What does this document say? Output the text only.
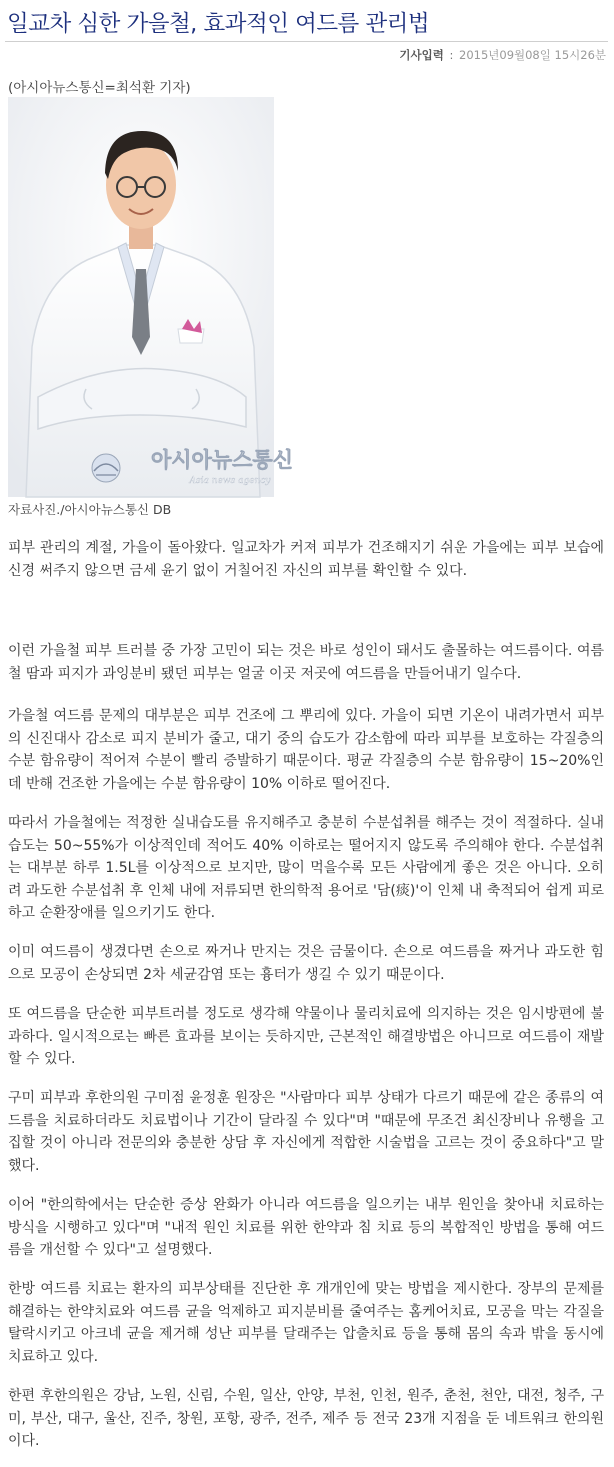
일교차 심한 가을철, 효과적인 여드름 관리법
기사입력 : 2015년09월08일 15시26분
(아시아뉴스통신=최석환 기자)
아시아뉴스통신
Asia news agency
자료사진./아시아뉴스통신 DB

피부 관리의 계절, 가을이 돌아왔다. 일교차가 커져 피부가 건조해지기 쉬운 가을에는 피부 보습에 신경 써주지 않으면 금세 윤기 없이 거칠어진 자신의 피부를 확인할 수 있다.

이런 가을철 피부 트러블 중 가장 고민이 되는 것은 바로 성인이 돼서도 출몰하는 여드름이다. 여름철 땀과 피지가 과잉분비 됐던 피부는 얼굴 이곳 저곳에 여드름을 만들어내기 일수다.

가을철 여드름 문제의 대부분은 피부 건조에 그 뿌리에 있다. 가을이 되면 기온이 내려가면서 피부의 신진대사 감소로 피지 분비가 줄고, 대기 중의 습도가 감소함에 따라 피부를 보호하는 각질층의 수분 함유량이 적어져 수분이 빨리 증발하기 때문이다. 평균 각질층의 수분 함유량이 15~20%인데 반해 건조한 가을에는 수분 함유량이 10% 이하로 떨어진다.

따라서 가을철에는 적정한 실내습도를 유지해주고 충분히 수분섭취를 해주는 것이 적절하다. 실내습도는 50~55%가 이상적인데 적어도 40% 이하로는 떨어지지 않도록 주의해야 한다. 수분섭취는 대부분 하루 1.5L를 이상적으로 보지만, 많이 먹을수록 모든 사람에게 좋은 것은 아니다. 오히려 과도한 수분섭취 후 인체 내에 저류되면 한의학적 용어로 '담(痰)'이 인체 내 축적되어 쉽게 피로하고 순환장애를 일으키기도 한다.

이미 여드름이 생겼다면 손으로 짜거나 만지는 것은 금물이다. 손으로 여드름을 짜거나 과도한 힘으로 모공이 손상되면 2차 세균감염 또는 흉터가 생길 수 있기 때문이다.

또 여드름을 단순한 피부트러블 정도로 생각해 약물이나 물리치료에 의지하는 것은 임시방편에 불과하다. 일시적으로는 빠른 효과를 보이는 듯하지만, 근본적인 해결방법은 아니므로 여드름이 재발할 수 있다.

구미 피부과 후한의원 구미점 윤정훈 원장은 "사람마다 피부 상태가 다르기 때문에 같은 종류의 여드름을 치료하더라도 치료법이나 기간이 달라질 수 있다"며 "때문에 무조건 최신장비나 유행을 고집할 것이 아니라 전문의와 충분한 상담 후 자신에게 적합한 시술법을 고르는 것이 중요하다"고 말했다.

이어 "한의학에서는 단순한 증상 완화가 아니라 여드름을 일으키는 내부 원인을 찾아내 치료하는 방식을 시행하고 있다"며 "내적 원인 치료를 위한 한약과 침 치료 등의 복합적인 방법을 통해 여드름을 개선할 수 있다"고 설명했다.

한방 여드름 치료는 환자의 피부상태를 진단한 후 개개인에 맞는 방법을 제시한다. 장부의 문제를 해결하는 한약치료와 여드름 균을 억제하고 피지분비를 줄여주는 홈케어치료, 모공을 막는 각질을 탈락시키고 아크네 균을 제거해 성난 피부를 달래주는 압출치료 등을 통해 몸의 속과 밖을 동시에 치료하고 있다.

한편 후한의원은 강남, 노원, 신림, 수원, 일산, 안양, 부천, 인천, 원주, 춘천, 천안, 대전, 청주, 구미, 부산, 대구, 울산, 진주, 창원, 포항, 광주, 전주, 제주 등 전국 23개 지점을 둔 네트워크 한의원이다.
